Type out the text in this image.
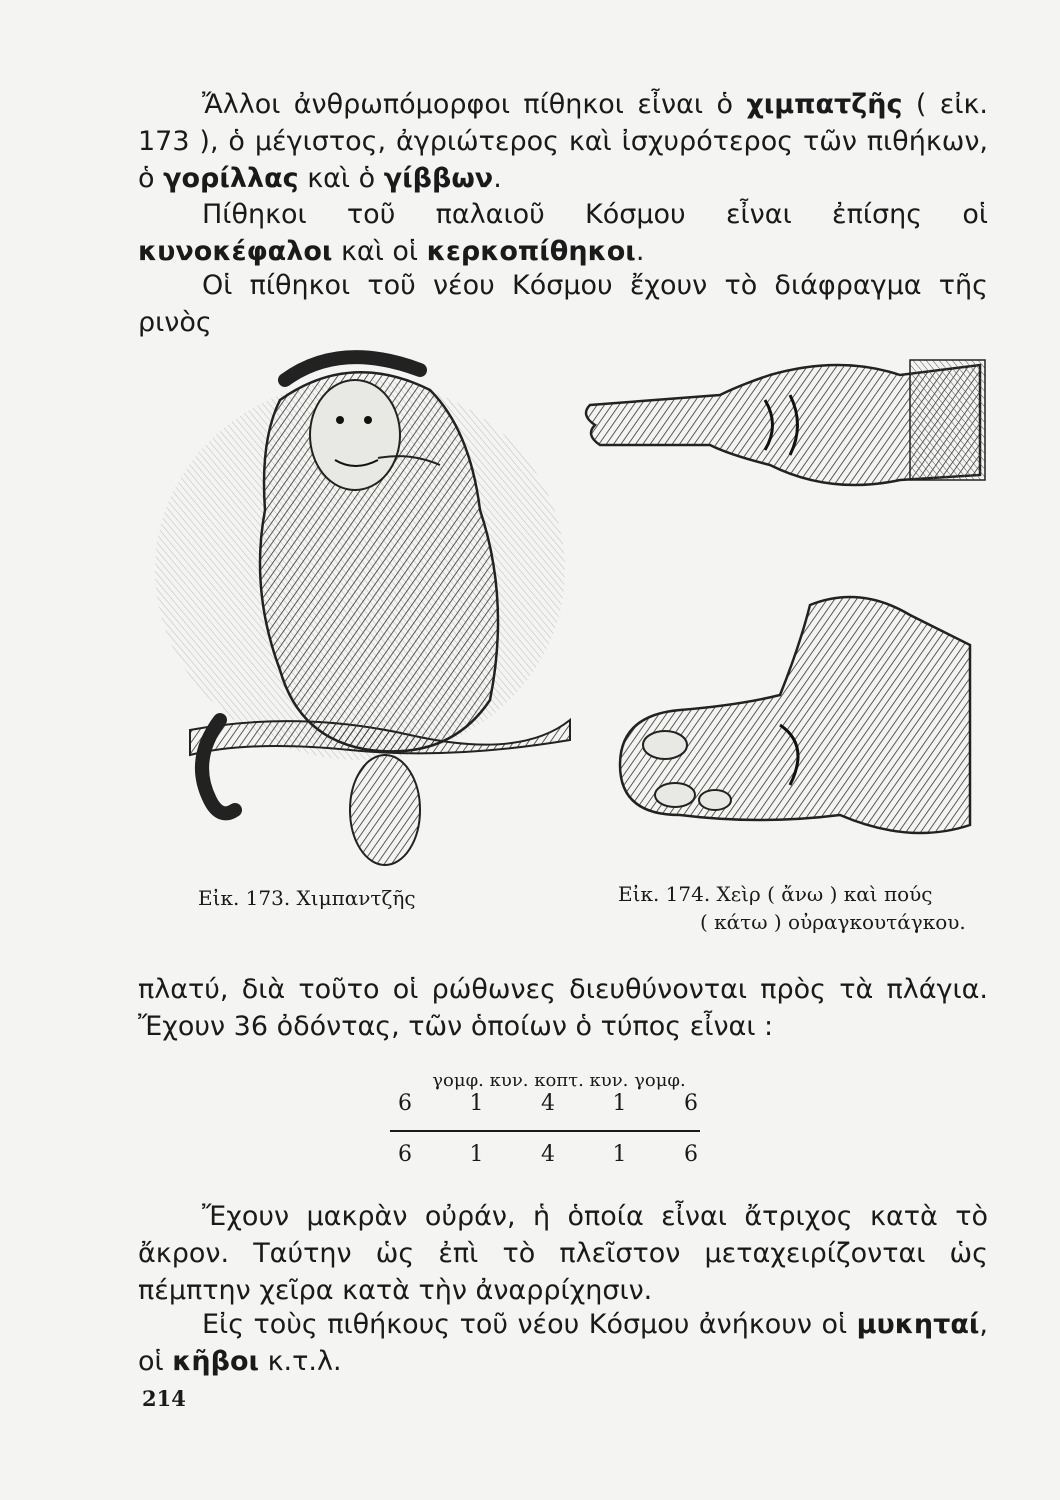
Ἄλλοι ἀνθρωπόμορφοι πίθηκοι εἶναι ὁ χιμπατζῆς ( εἰκ. 173 ), ὁ μέγιστος, ἀγριώτερος καὶ ἰσχυρότερος τῶν πιθήκων, ὁ γορίλλας καὶ ὁ γίββων.

Πίθηκοι τοῦ παλαιοῦ Κόσμου εἶναι ἐπίσης οἱ κυνοκέφαλοι καὶ οἱ κερκοπίθηκοι.

Οἱ πίθηκοι τοῦ νέου Κόσμου ἔχουν τὸ διάφραγμα τῆς ρινὸς

Εἰκ. 173. Χιμπαντζῆς	Εἰκ. 174. Χεὶρ ( ἄνω ) καὶ πούς
( κάτω ) οὐραγκουτάγκου.

πλατύ, διὰ τοῦτο οἱ ρώθωνες διευθύνονται πρὸς τὰ πλάγια. Ἔχουν 36 ὀδόντας, τῶν ὁποίων ὁ τύπος εἶναι :

γομφ. κυν. κοπτ. κυν. γομφ.
6	1	4	1	6
6	1	4	1	6

Ἔχουν μακρὰν οὐράν, ἡ ὁποία εἶναι ἄτριχος κατὰ τὸ ἄκρον. Ταύτην ὡς ἐπὶ τὸ πλεῖστον μεταχειρίζονται ὡς πέμπτην χεῖρα κατὰ τὴν ἀναρρίχησιν.

Εἰς τοὺς πιθήκους τοῦ νέου Κόσμου ἀνήκουν οἱ μυκηταί, οἱ κῆβοι κ.τ.λ.

214
